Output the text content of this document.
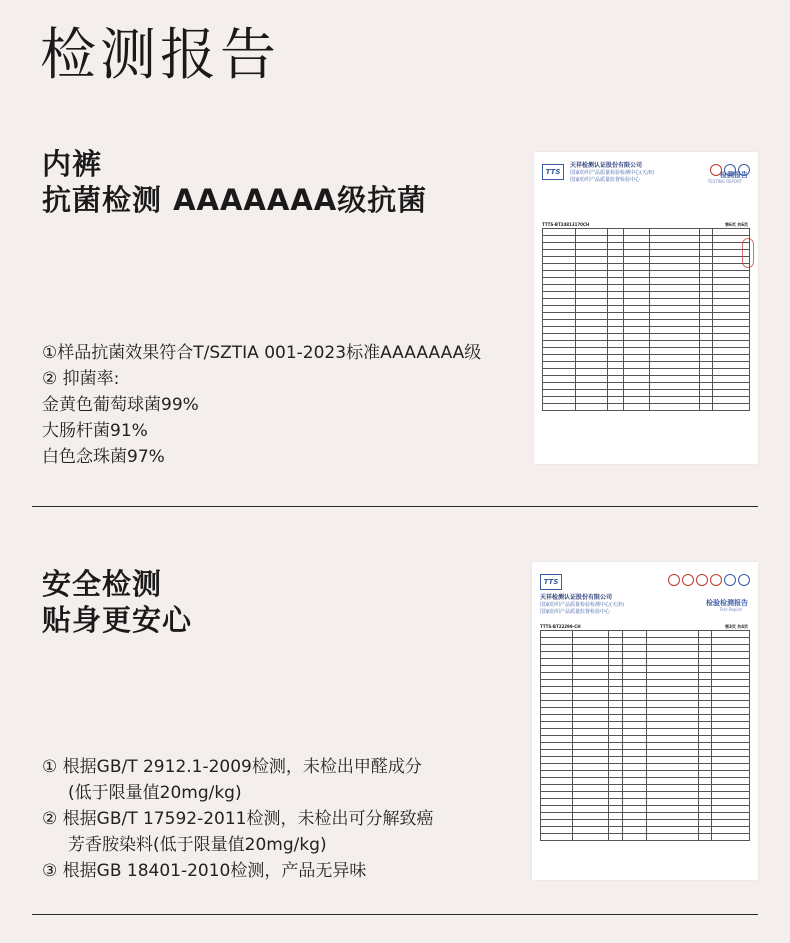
检测报告
内裤
抗菌检测 AAAAAAA级抗菌
①样品抗菌效果符合T/SZTIA 001-2023标准AAAAAAA级
② 抑菌率:
金黄色葡萄球菌99%
大肠杆菌91%
白色念珠菌97%
TTS
天祥检测认证股份有限公司
国家纺织产品质量检验检测中心(天津)
国家纺织产品质量监督检验中心
检测报告
TESTING REPORT
TTTS-BT24813170CH	第6页 共6页

安全检测
贴身更安心
① 根据GB/T 2912.1-2009检测，未检出甲醛成分
(低于限量值20mg/kg)
② 根据GB/T 17592-2011检测，未检出可分解致癌
芳香胺染料(低于限量值20mg/kg)
③ 根据GB 18401-2010检测，产品无异味
TTS
天祥检测认证股份有限公司
国家纺织产品质量检验检测中心(天津)
国家纺织产品质量监督检验中心
检验检测报告
Test Report
TTTS-BT22299-CH	第3页 共4页
